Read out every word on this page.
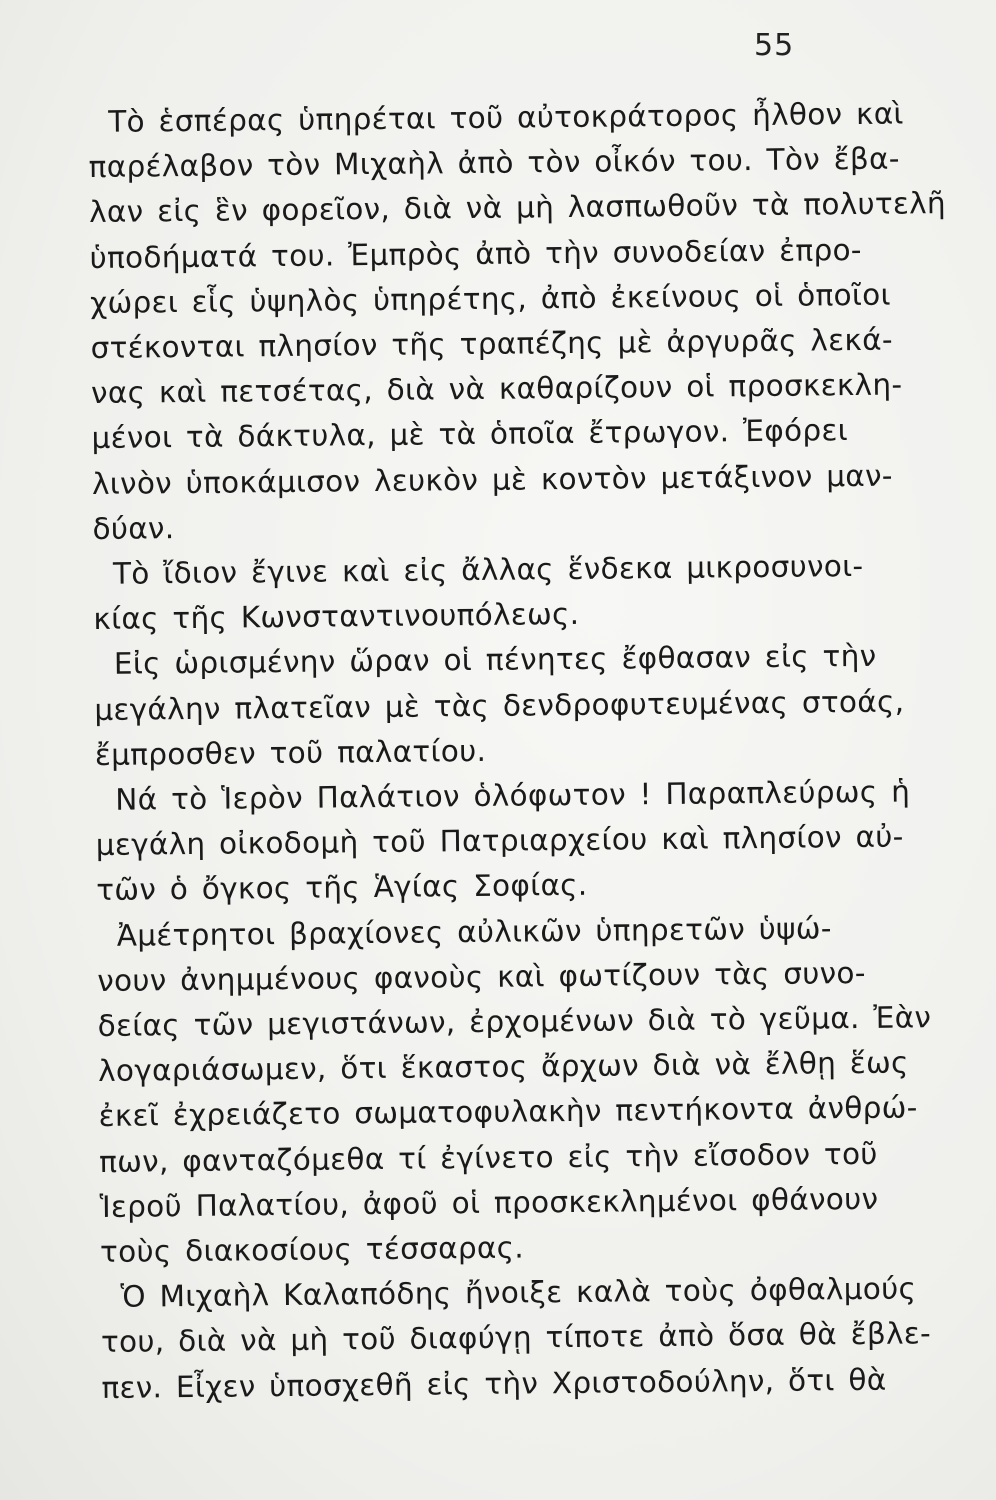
55
Τὸ ἑσπέρας ὑπηρέται τοῦ αὐτοκράτορος ἦλθον καὶ
παρέλαβον τὸν Μιχαὴλ ἀπὸ τὸν οἶκόν του. Τὸν ἔβα-
λαν εἰς ἓν φορεῖον, διὰ νὰ μὴ λασπωθοῦν τὰ πολυτελῆ
ὑποδήματά του. Ἐμπρὸς ἀπὸ τὴν συνοδείαν ἐπρο-
χώρει εἷς ὑψηλὸς ὑπηρέτης, ἀπὸ ἐκείνους οἱ ὁποῖοι
στέκονται πλησίον τῆς τραπέζης μὲ ἀργυρᾶς λεκά-
νας καὶ πετσέτας, διὰ νὰ καθαρίζουν οἱ προσκεκλη-
μένοι τὰ δάκτυλα, μὲ τὰ ὁποῖα ἔτρωγον. Ἐφόρει
λινὸν ὑποκάμισον λευκὸν μὲ κοντὸν μετάξινον μαν-
δύαν.
Τὸ ἴδιον ἔγινε καὶ εἰς ἄλλας ἕνδεκα μικροσυνοι-
κίας τῆς Κωνσταντινουπόλεως.
Εἰς ὡρισμένην ὥραν οἱ πένητες ἔφθασαν εἰς τὴν
μεγάλην πλατεῖαν μὲ τὰς δενδροφυτευμένας στοάς,
ἔμπροσθεν τοῦ παλατίου.
Νά τὸ Ἱερὸν Παλάτιον ὁλόφωτον ! Παραπλεύρως ἡ
μεγάλη οἰκοδομὴ τοῦ Πατριαρχείου καὶ πλησίον αὐ-
τῶν ὁ ὄγκος τῆς Ἁγίας Σοφίας.
Ἀμέτρητοι βραχίονες αὐλικῶν ὑπηρετῶν ὑψώ-
νουν ἀνημμένους φανοὺς καὶ φωτίζουν τὰς συνο-
δείας τῶν μεγιστάνων, ἐρχομένων διὰ τὸ γεῦμα. Ἐὰν
λογαριάσωμεν, ὅτι ἕκαστος ἄρχων διὰ νὰ ἔλθῃ ἕως
ἐκεῖ ἐχρειάζετο σωματοφυλακὴν πεντήκοντα ἀνθρώ-
πων, φανταζόμεθα τί ἐγίνετο εἰς τὴν εἴσοδον τοῦ
Ἱεροῦ Παλατίου, ἀφοῦ οἱ προσκεκλημένοι φθάνουν
τοὺς διακοσίους τέσσαρας.
Ὁ Μιχαὴλ Καλαπόδης ἤνοιξε καλὰ τοὺς ὀφθαλμούς
του, διὰ νὰ μὴ τοῦ διαφύγῃ τίποτε ἀπὸ ὅσα θὰ ἔβλε-
πεν. Εἶχεν ὑποσχεθῆ εἰς τὴν Χριστοδούλην, ὅτι θὰ
